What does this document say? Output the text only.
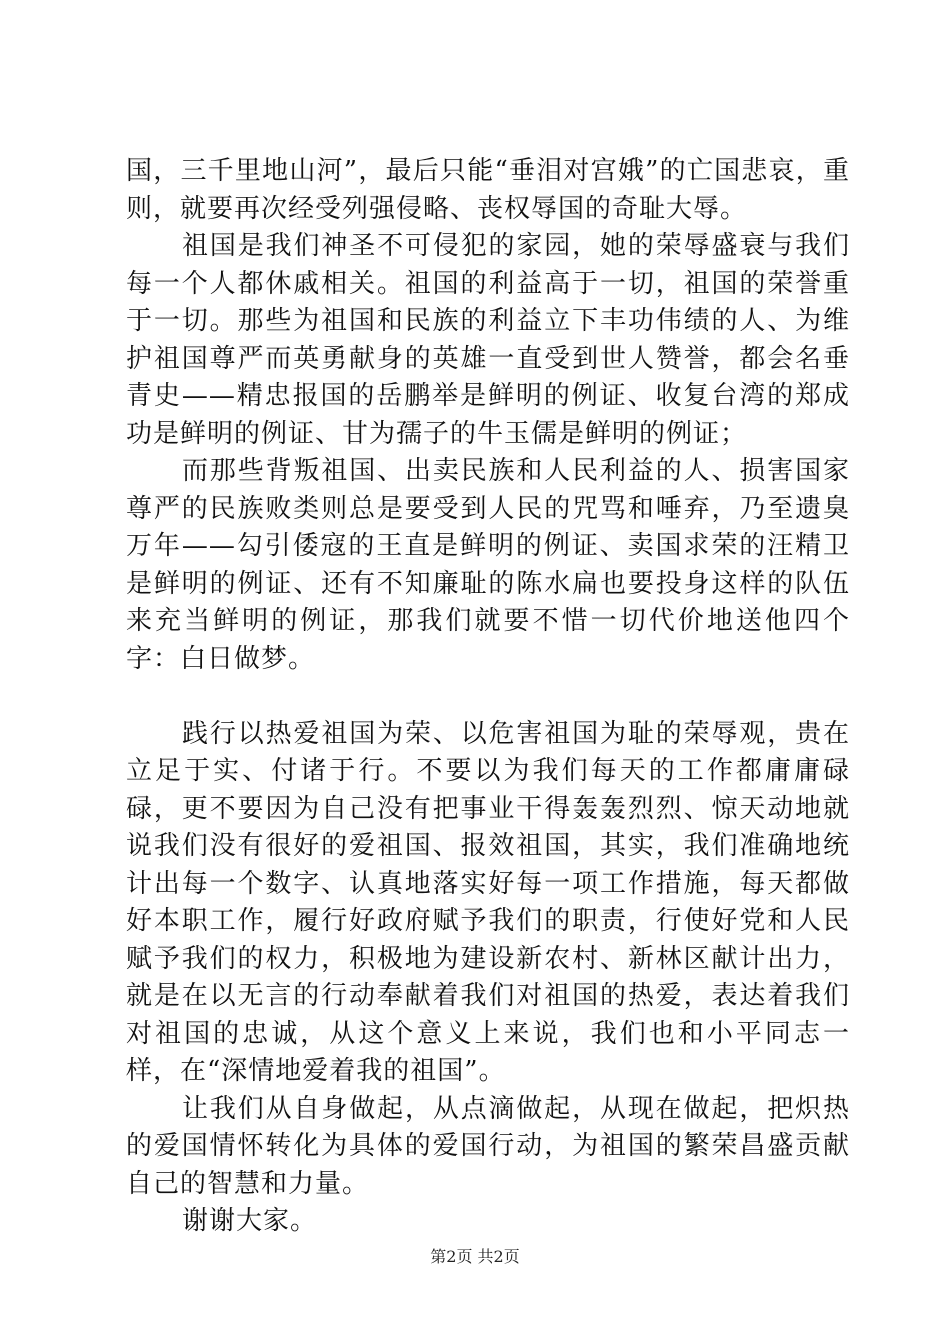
国，三千里地山河”，最后只能“垂泪对宫娥”的亡国悲哀，重则，就要再次经受列强侵略、丧权辱国的奇耻大辱。

祖国是我们神圣不可侵犯的家园，她的荣辱盛衰与我们每一个人都休戚相关。祖国的利益高于一切，祖国的荣誉重于一切。那些为祖国和民族的利益立下丰功伟绩的人、为维护祖国尊严而英勇献身的英雄一直受到世人赞誉，都会名垂青史——精忠报国的岳鹏举是鲜明的例证、收复台湾的郑成功是鲜明的例证、甘为孺子的牛玉儒是鲜明的例证；

而那些背叛祖国、出卖民族和人民利益的人、损害国家尊严的民族败类则总是要受到人民的咒骂和唾弃，乃至遗臭万年——勾引倭寇的王直是鲜明的例证、卖国求荣的汪精卫是鲜明的例证、还有不知廉耻的陈水扁也要投身这样的队伍来充当鲜明的例证，那我们就要不惜一切代价地送他四个字：白日做梦。

践行以热爱祖国为荣、以危害祖国为耻的荣辱观，贵在立足于实、付诸于行。不要以为我们每天的工作都庸庸碌碌，更不要因为自己没有把事业干得轰轰烈烈、惊天动地就说我们没有很好的爱祖国、报效祖国，其实，我们准确地统计出每一个数字、认真地落实好每一项工作措施，每天都做好本职工作，履行好政府赋予我们的职责，行使好党和人民赋予我们的权力，积极地为建设新农村、新林区献计出力，就是在以无言的行动奉献着我们对祖国的热爱，表达着我们对祖国的忠诚，从这个意义上来说，我们也和小平同志一样，在“深情地爱着我的祖国”。

让我们从自身做起，从点滴做起，从现在做起，把炽热的爱国情怀转化为具体的爱国行动，为祖国的繁荣昌盛贡献自己的智慧和力量。

谢谢大家。

第2页 共2页
